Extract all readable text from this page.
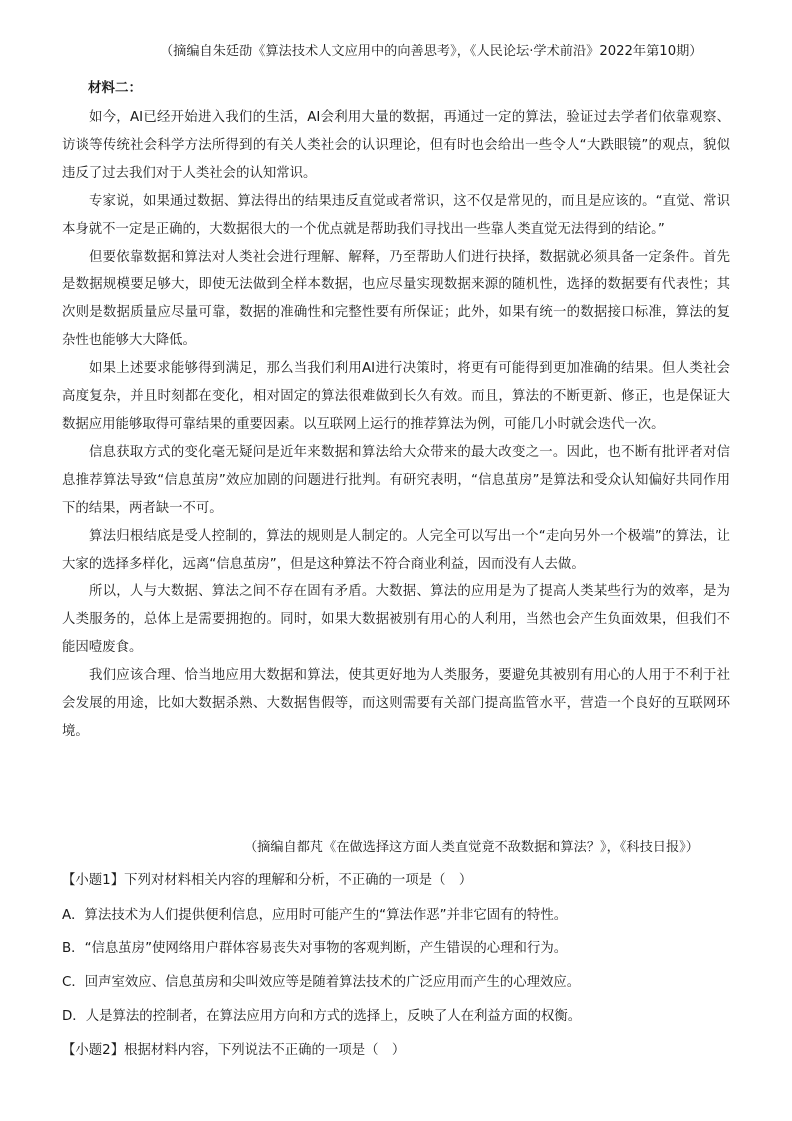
（摘编自朱廷劭《算法技术人文应用中的向善思考》，《人民论坛·学术前沿》2022年第10期）
材料二：

如今，AI已经开始进入我们的生活，AI会利用大量的数据，再通过一定的算法，验证过去学者们依靠观察、访谈等传统社会科学方法所得到的有关人类社会的认识理论，但有时也会给出一些令人“大跌眼镜”的观点，貌似违反了过去我们对于人类社会的认知常识。

专家说，如果通过数据、算法得出的结果违反直觉或者常识，这不仅是常见的，而且是应该的。“直觉、常识本身就不一定是正确的，大数据很大的一个优点就是帮助我们寻找出一些靠人类直觉无法得到的结论。”

但要依靠数据和算法对人类社会进行理解、解释，乃至帮助人们进行抉择，数据就必须具备一定条件。首先是数据规模要足够大，即使无法做到全样本数据，也应尽量实现数据来源的随机性，选择的数据要有代表性；其次则是数据质量应尽量可靠，数据的准确性和完整性要有所保证；此外，如果有统一的数据接口标准，算法的复杂性也能够大大降低。

如果上述要求能够得到满足，那么当我们利用AI进行决策时，将更有可能得到更加准确的结果。但人类社会高度复杂，并且时刻都在变化，相对固定的算法很难做到长久有效。而且，算法的不断更新、修正，也是保证大数据应用能够取得可靠结果的重要因素。以互联网上运行的推荐算法为例，可能几小时就会迭代一次。

信息获取方式的变化毫无疑问是近年来数据和算法给大众带来的最大改变之一。因此，也不断有批评者对信息推荐算法导致“信息茧房”效应加剧的问题进行批判。有研究表明，“信息茧房”是算法和受众认知偏好共同作用下的结果，两者缺一不可。

算法归根结底是受人控制的，算法的规则是人制定的。人完全可以写出一个“走向另外一个极端”的算法，让大家的选择多样化，远离“信息茧房”，但是这种算法不符合商业利益，因而没有人去做。

所以，人与大数据、算法之间不存在固有矛盾。大数据、算法的应用是为了提高人类某些行为的效率，是为人类服务的，总体上是需要拥抱的。同时，如果大数据被别有用心的人利用，当然也会产生负面效果，但我们不能因噎废食。

我们应该合理、恰当地应用大数据和算法，使其更好地为人类服务，要避免其被别有用心的人用于不利于社会发展的用途，比如大数据杀熟、大数据售假等，而这则需要有关部门提高监管水平，营造一个良好的互联网环境。

（摘编自都芃《在做选择这方面人类直觉竟不敌数据和算法？》，《科技日报》）
【小题1】下列对材料相关内容的理解和分析，不正确的一项是（　）
A．算法技术为人们提供便利信息，应用时可能产生的“算法作恶”并非它固有的特性。
B．“信息茧房”使网络用户群体容易丧失对事物的客观判断，产生错误的心理和行为。
C．回声室效应、信息茧房和尖叫效应等是随着算法技术的广泛应用而产生的心理效应。
D．人是算法的控制者，在算法应用方向和方式的选择上，反映了人在利益方面的权衡。
【小题2】根据材料内容，下列说法不正确的一项是（　）
